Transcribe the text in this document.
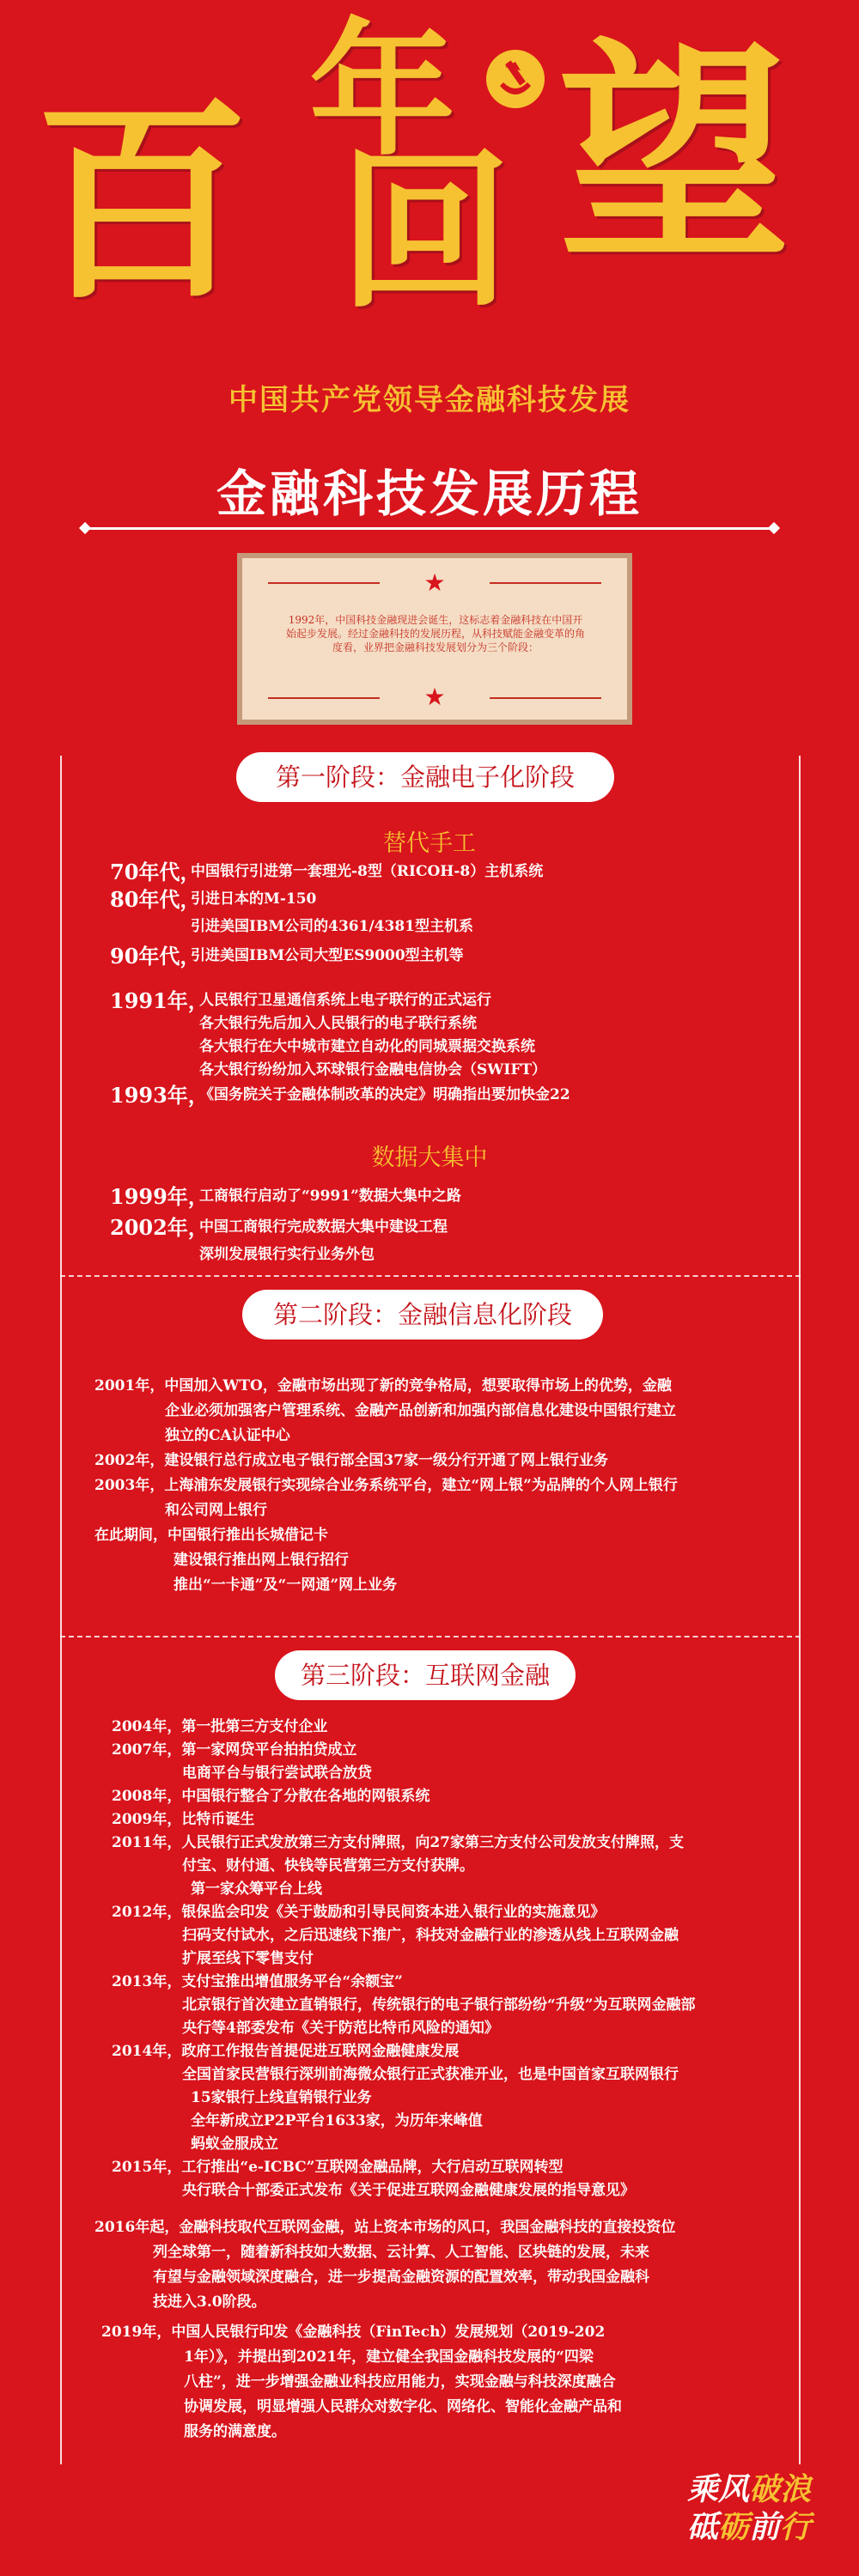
百 年
回 望
中国共产党领导金融科技发展
金融科技发展历程
★
1992年，中国科技金融现进会诞生，这标志着金融科技在中国开始起步发展。经过金融科技的发展历程，从科技赋能金融变革的角度看，业界把金融科技发展划分为三个阶段：
★
第一阶段：金融电子化阶段
替代手工
70年代，
中国银行引进第一套理光-8型（RICOH-8）主机系统
80年代，
引进日本的M-150
引进美国IBM公司的4361/4381型主机系
90年代，
引进美国IBM公司大型ES9000型主机等
1991年，
人民银行卫星通信系统上电子联行的正式运行
各大银行先后加入人民银行的电子联行系统
各大银行在大中城市建立自动化的同城票据交换系统
各大银行纷纷加入环球银行金融电信协会（SWIFT）
1993年，
《国务院关于金融体制改革的决定》明确指出要加快金22
数据大集中
1999年，
工商银行启动了“9991”数据大集中之路
2002年，
中国工商银行完成数据大集中建设工程
深圳发展银行实行业务外包
第二阶段：金融信息化阶段
2001年，中国加入WTO，金融市场出现了新的竞争格局，想要取得市场上的优势，金融
企业必须加强客户管理系统、金融产品创新和加强内部信息化建设中国银行建立
独立的CA认证中心
2002年，建设银行总行成立电子银行部全国37家一级分行开通了网上银行业务
2003年，上海浦东发展银行实现综合业务系统平台，建立“网上银”为品牌的个人网上银行
和公司网上银行
在此期间，中国银行推出长城借记卡
建设银行推出网上银行招行
推出“一卡通”及“一网通”网上业务
第三阶段：互联网金融
2004年，第一批第三方支付企业
2007年，第一家网贷平台拍拍贷成立
电商平台与银行尝试联合放贷
2008年，中国银行整合了分散在各地的网银系统
2009年，比特币诞生
2011年，人民银行正式发放第三方支付牌照，向27家第三方支付公司发放支付牌照，支
付宝、财付通、快钱等民营第三方支付获牌。
第一家众筹平台上线
2012年，银保监会印发《关于鼓励和引导民间资本进入银行业的实施意见》
扫码支付试水，之后迅速线下推广，科技对金融行业的渗透从线上互联网金融
扩展至线下零售支付
2013年，支付宝推出增值服务平台“余额宝”
北京银行首次建立直销银行，传统银行的电子银行部纷纷“升级”为互联网金融部
央行等4部委发布《关于防范比特币风险的通知》
2014年，政府工作报告首提促进互联网金融健康发展
全国首家民营银行深圳前海微众银行正式获准开业，也是中国首家互联网银行
15家银行上线直销银行业务
全年新成立P2P平台1633家，为历年来峰值
蚂蚁金服成立
2015年，工行推出“e-ICBC”互联网金融品牌，大行启动互联网转型
央行联合十部委正式发布《关于促进互联网金融健康发展的指导意见》
2016年起，金融科技取代互联网金融，站上资本市场的风口，我国金融科技的直接投资位
列全球第一，随着新科技如大数据、云计算、人工智能、区块链的发展，未来
有望与金融领域深度融合，进一步提高金融资源的配置效率，带动我国金融科
技进入3.0阶段。
2019年，中国人民银行印发《金融科技（FinTech）发展规划（2019-202
1年）》，并提出到2021年，建立健全我国金融科技发展的“四梁
八柱”，进一步增强金融业科技应用能力，实现金融与科技深度融合
协调发展，明显增强人民群众对数字化、网络化、智能化金融产品和
服务的满意度。
乘风破浪
砥砺前行
